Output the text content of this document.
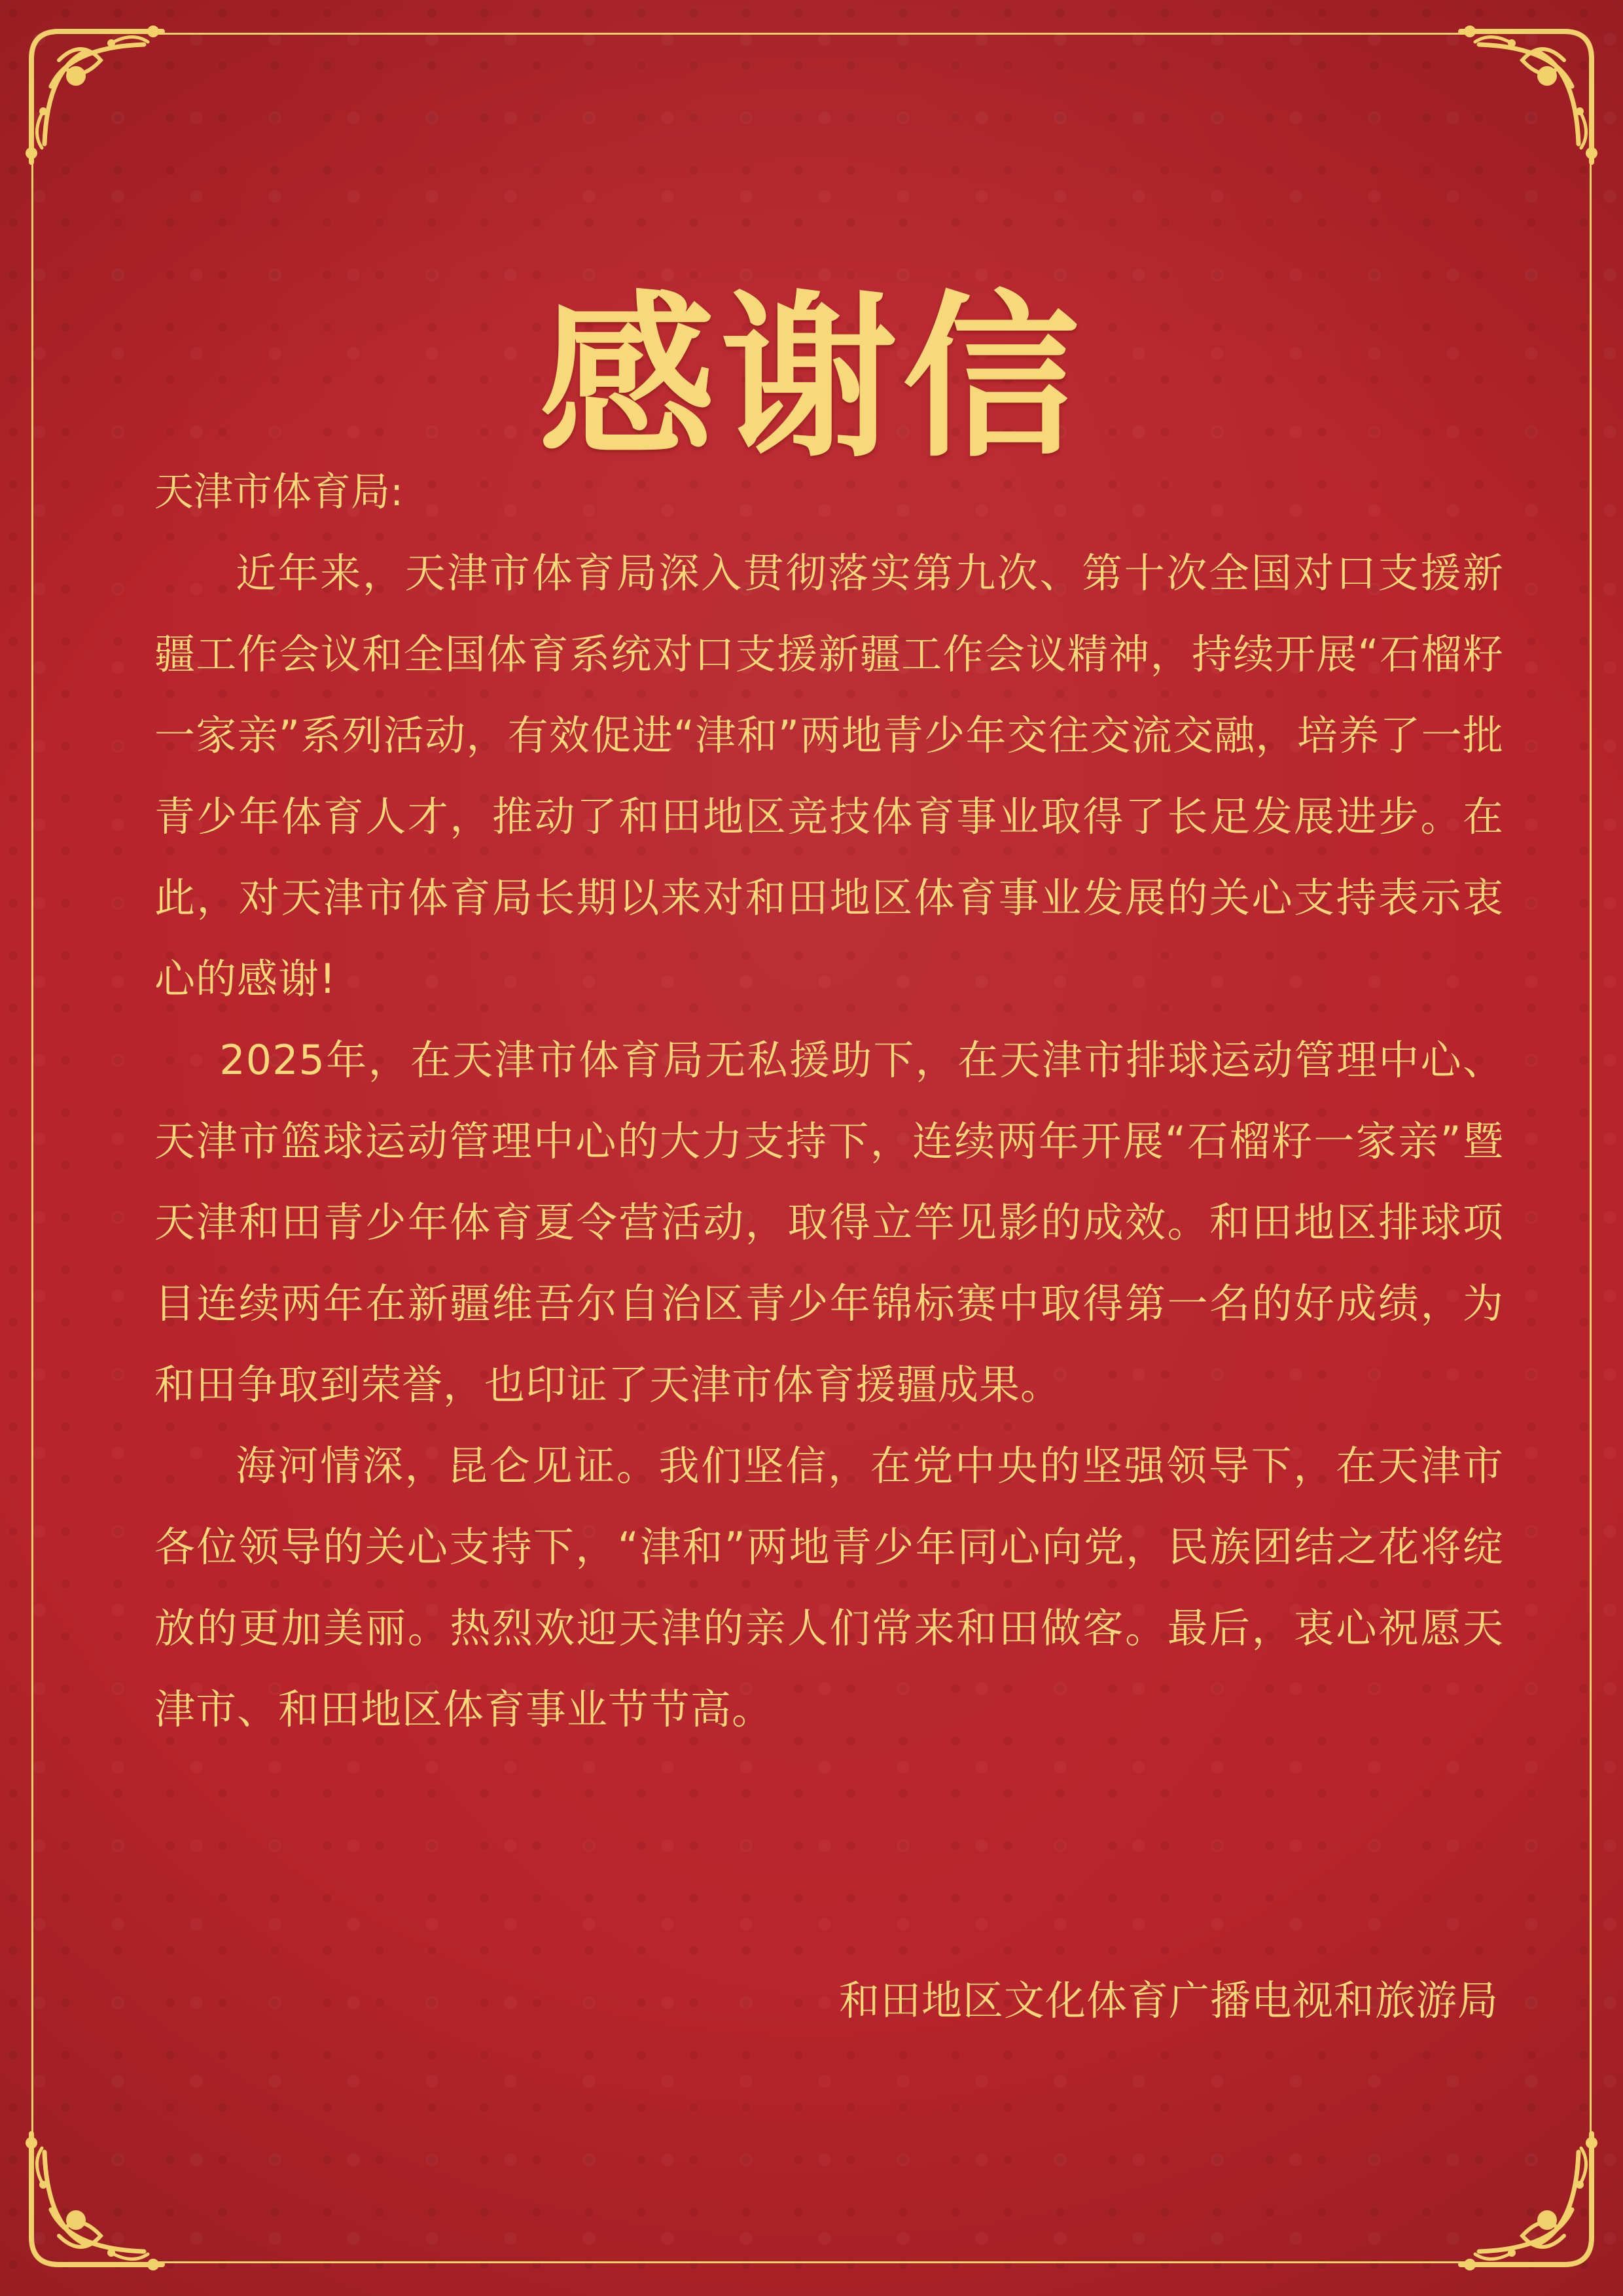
感谢信

天津市体育局:

近年来，天津市体育局深入贯彻落实第九次、第十次全国对口支援新疆工作会议和全国体育系统对口支援新疆工作会议精神，持续开展“石榴籽一家亲”系列活动，有效促进“津和”两地青少年交往交流交融，培养了一批青少年体育人才，推动了和田地区竞技体育事业取得了长足发展进步。在此，对天津市体育局长期以来对和田地区体育事业发展的关心支持表示衷心的感谢!

2025年，在天津市体育局无私援助下，在天津市排球运动管理中心、天津市篮球运动管理中心的大力支持下，连续两年开展“石榴籽一家亲”暨天津和田青少年体育夏令营活动，取得立竿见影的成效。和田地区排球项目连续两年在新疆维吾尔自治区青少年锦标赛中取得第一名的好成绩，为和田争取到荣誉，也印证了天津市体育援疆成果。

海河情深，昆仑见证。我们坚信，在党中央的坚强领导下，在天津市各位领导的关心支持下，“津和”两地青少年同心向党，民族团结之花将绽放的更加美丽。热烈欢迎天津的亲人们常来和田做客。最后，衷心祝愿天津市、和田地区体育事业节节高。

和田地区文化体育广播电视和旅游局
